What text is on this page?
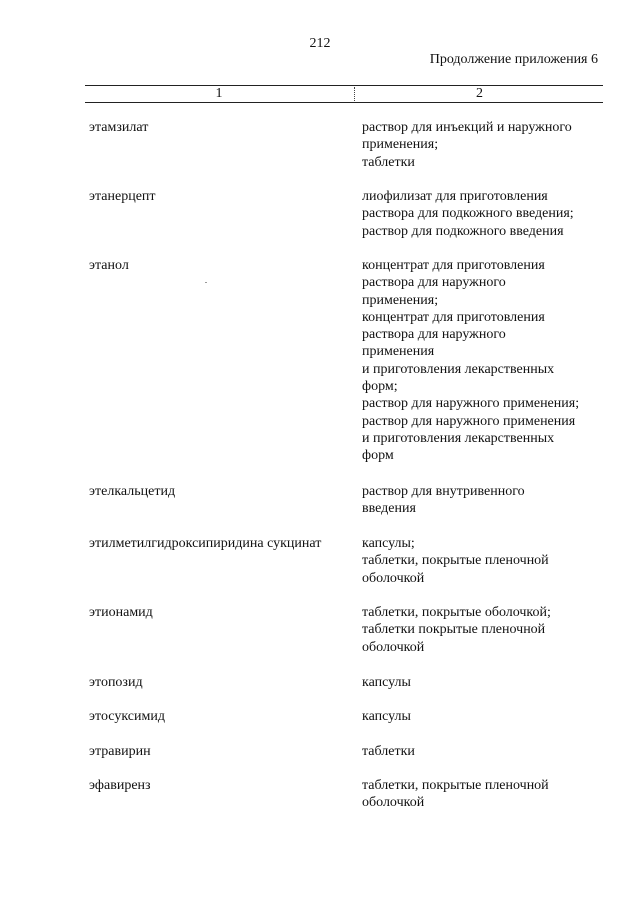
212
Продолжение приложения 6
1	2
этамзилат	раствор для инъекций и наружного
применения;
таблетки
этанерцепт	лиофилизат для приготовления
раствора для подкожного введения;
раствор для подкожного введения
этанол	концентрат для приготовления
раствора для наружного
применения;
концентрат для приготовления
раствора для наружного
применения
и приготовления лекарственных
форм;
раствор для наружного применения;
раствор для наружного применения
и приготовления лекарственных
форм
этелкальцетид	раствор для внутривенного
введения
этилметилгидроксипиридина сукцинат	капсулы;
таблетки, покрытые пленочной
оболочкой
этионамид	таблетки, покрытые оболочкой;
таблетки покрытые пленочной
оболочкой
этопозид	капсулы
этосуксимид	капсулы
этравирин	таблетки
эфавиренз	таблетки, покрытые пленочной
оболочкой
